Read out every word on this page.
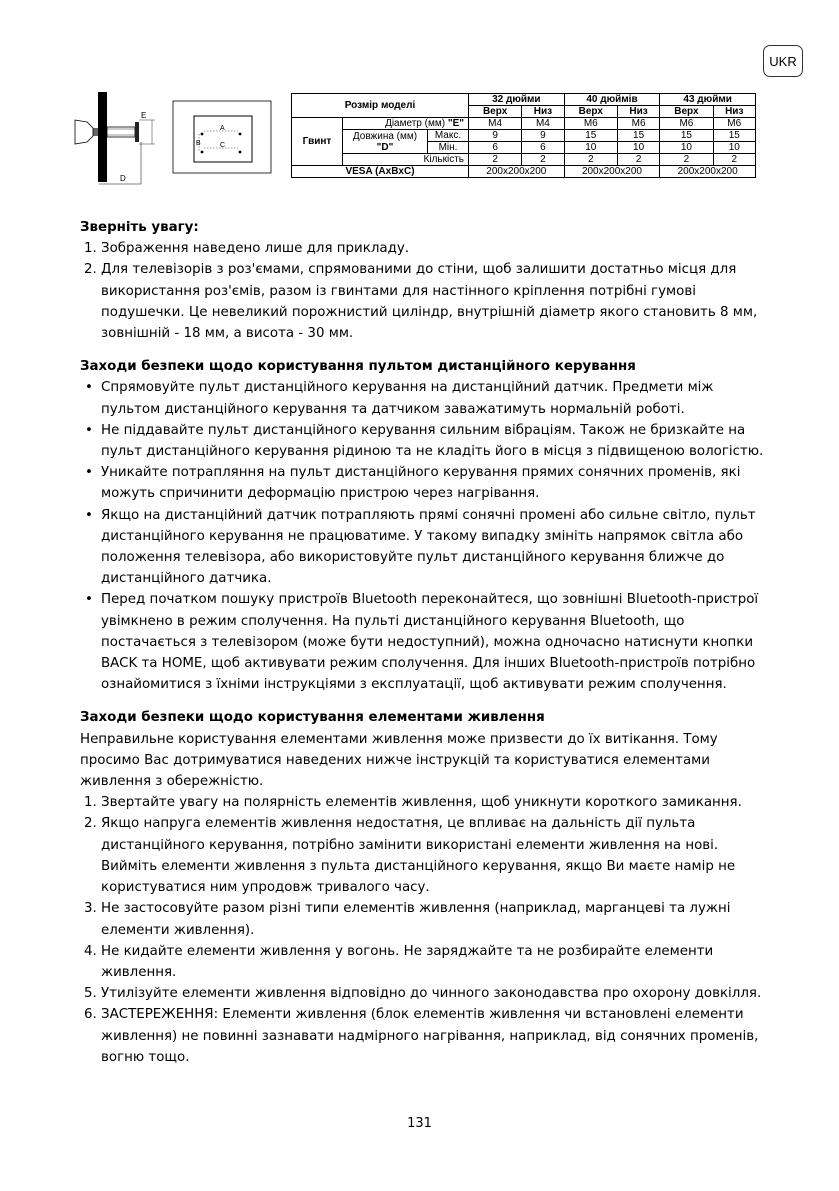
UKR
E
D
A
B	C
Розмір моделі			32 дюйми		40 дюймів		43 дюйми	
			Верх	Низ	Верх	Низ	Верх	Низ
Гвинт	Діаметр (мм) "E"		M4	M4	M6	M6	M6	M6
	Довжина (мм)
"D"	Макс.	9	9	15	15	15	15
		Мін.	6	6	10	10	10	10
	Кількість		2	2	2	2	2	2
VESA (AxBxC)			200x200x200		200x200x200		200x200x200	
Зверніть увагу:
1. Зображення наведено лише для прикладу.
2. Для телевізорів з роз'ємами, спрямованими до стіни, щоб залишити достатньо місця для використання роз'ємів, разом із гвинтами для настінного кріплення потрібні гумові подушечки. Це невеликий порожнистий циліндр, внутрішній діаметр якого становить 8 мм, зовнішній - 18 мм, а висота - 30 мм.
Заходи безпеки щодо користування пультом дистанційного керування
• Спрямовуйте пульт дистанційного керування на дистанційний датчик. Предмети між пультом дистанційного керування та датчиком заважатимуть нормальній роботі.
• Не піддавайте пульт дистанційного керування сильним вібраціям. Також не бризкайте на пульт дистанційного керування рідиною та не кладіть його в місця з підвищеною вологістю.
• Уникайте потрапляння на пульт дистанційного керування прямих сонячних променів, які можуть спричинити деформацію пристрою через нагрівання.
• Якщо на дистанційний датчик потрапляють прямі сонячні промені або сильне світло, пульт дистанційного керування не працюватиме. У такому випадку змініть напрямок світла або положення телевізора, або використовуйте пульт дистанційного керування ближче до дистанційного датчика.
• Перед початком пошуку пристроїв Bluetooth переконайтеся, що зовнішні Bluetooth-пристрої увімкнено в режим сполучення. На пульті дистанційного керування Bluetooth, що постачається з телевізором (може бути недоступний), можна одночасно натиснути кнопки BACK та HOME, щоб активувати режим сполучення. Для інших Bluetooth-пристроїв потрібно ознайомитися з їхніми інструкціями з експлуатації, щоб активувати режим сполучення.
Заходи безпеки щодо користування елементами живлення

Неправильне користування елементами живлення може призвести до їх витікання. Тому просимо Вас дотримуватися наведених нижче інструкцій та користуватися елементами живлення з обережністю.

1. Звертайте увагу на полярність елементів живлення, щоб уникнути короткого замикання.
2. Якщо напруга елементів живлення недостатня, це впливає на дальність дії пульта дистанційного керування, потрібно замінити використані елементи живлення на нові. Вийміть елементи живлення з пульта дистанційного керування, якщо Ви маєте намір не користуватися ним упродовж тривалого часу.
3. Не застосовуйте разом різні типи елементів живлення (наприклад, марганцеві та лужні елементи живлення).
4. Не кидайте елементи живлення у вогонь. Не заряджайте та не розбирайте елементи живлення.
5. Утилізуйте елементи живлення відповідно до чинного законодавства про охорону довкілля.
6. ЗАСТЕРЕЖЕННЯ: Елементи живлення (блок елементів живлення чи встановлені елементи живлення) не повинні зазнавати надмірного нагрівання, наприклад, від сонячних променів, вогню тощо.
131
